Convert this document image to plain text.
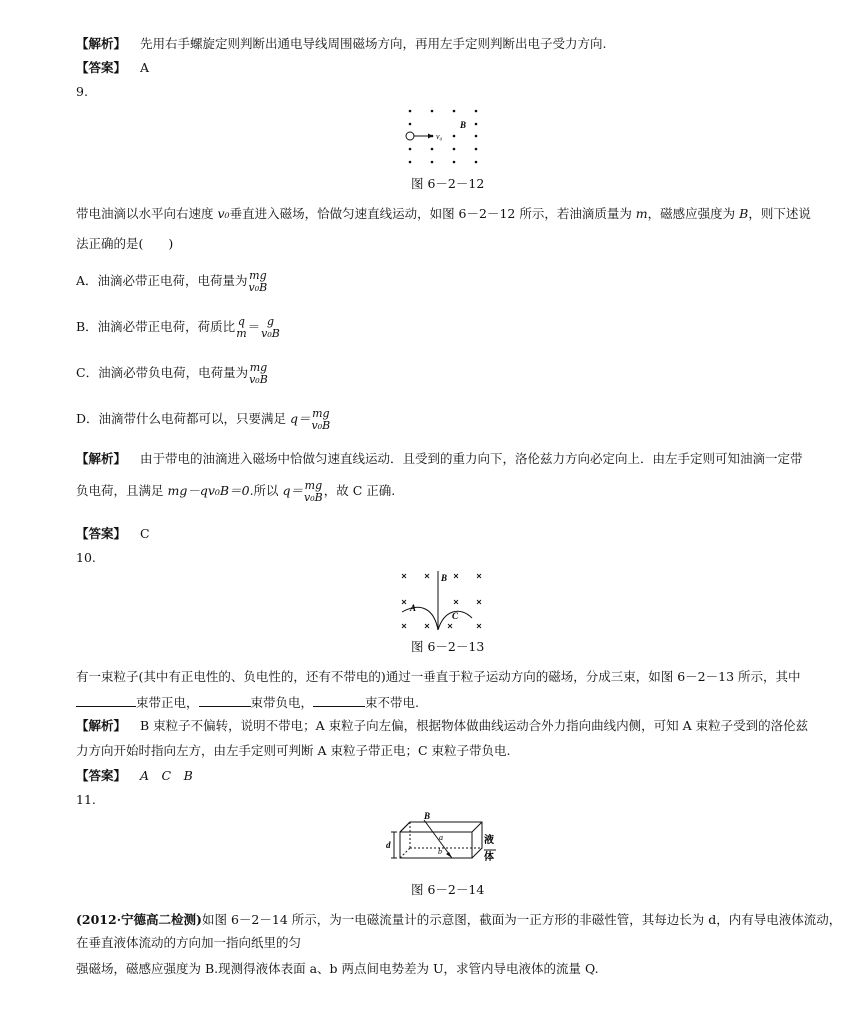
【解析】 先用右手螺旋定则判断出通电导线周围磁场方向，再用左手定则判断出电子受力方向.
【答案】 A
9.
v₀
B
图 6－2－12
带电油滴以水平向右速度 v₀垂直进入磁场，恰做匀速直线运动，如图 6－2－12 所示，若油滴质量为 m，磁感应强度为 B，则下述说
法正确的是(　　)
A．油滴必带正电荷，电荷量为 mg
v₀B
B．油滴必带正电荷，荷质比 q
m ＝ g
v₀B
C．油滴必带负电荷，电荷量为 mg
v₀B
D．油滴带什么电荷都可以，只要满足 q＝ mg
v₀B
【解析】 由于带电的油滴进入磁场中恰做匀速直线运动．且受到的重力向下，洛伦兹力方向必定向上．由左手定则可知油滴一定带
负电荷，且满足 mg－qv₀B＝0.所以 q＝ mg
v₀B ，故 C 正确.
【答案】 C
10.
B
A
C
图 6－2－13
有一束粒子(其中有正电性的、负电性的，还有不带电的)通过一垂直于粒子运动方向的磁场，分成三束，如图 6－2－13 所示，其中
束带正电，	束带负电，	束不带电.
【解析】 B 束粒子不偏转，说明不带电；A 束粒子向左偏，根据物体做曲线运动合外力指向曲线内侧，可知 A 束粒子受到的洛伦兹
力方向开始时指向左方，由左手定则可判断 A 束粒子带正电；C 束粒子带负电.
【答案】 A　C　B
11.
B
a
b
d	液
体
图 6－2－14
(2012·宁德高二检测)如图 6－2－14 所示，为一电磁流量计的示意图，截面为一正方形的非磁性管，其每边长为 d，内有导电液体流动，
在垂直液体流动的方向加一指向纸里的匀
强磁场，磁感应强度为 B.现测得液体表面 a、b 两点间电势差为 U，求管内导电液体的流量 Q.
